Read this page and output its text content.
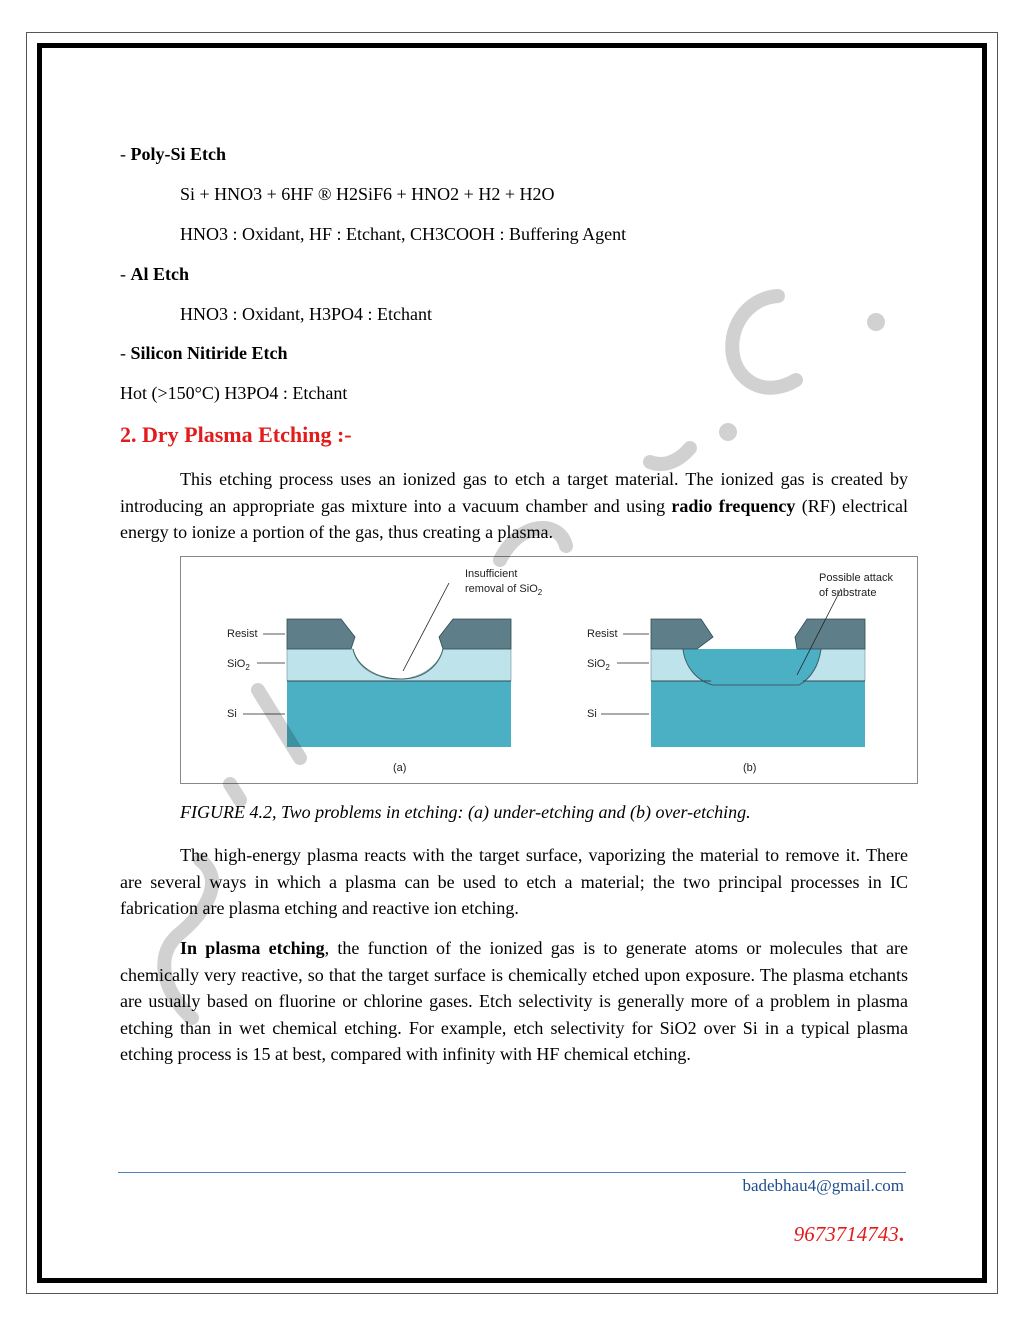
- Poly-Si Etch
Si + HNO3 + 6HF ® H2SiF6 + HNO2 + H2 + H2O
HNO3 : Oxidant, HF : Etchant, CH3COOH : Buffering Agent
- Al Etch
HNO3 : Oxidant, H3PO4 : Etchant
- Silicon Nitiride Etch
Hot (>150°C) H3PO4 : Etchant
2. Dry Plasma Etching :-

This etching process uses an ionized gas to etch a target material. The ionized gas is created by introducing an appropriate gas mixture into a vacuum chamber and using radio frequency (RF) electrical energy to ionize a portion of the gas, thus creating a plasma.

FIGURE 4.2, Two problems in etching: (a) under-etching and (b) over-etching.

The high-energy plasma reacts with the target surface, vaporizing the material to remove it. There are several ways in which a plasma can be used to etch a material; the two principal processes in IC fabrication are plasma etching and reactive ion etching.

In plasma etching, the function of the ionized gas is to generate atoms or molecules that are chemically very reactive, so that the target surface is chemically etched upon exposure. The plasma etchants are usually based on fluorine or chlorine gases. Etch selectivity is generally more of a problem in plasma etching than in wet chemical etching. For example, etch selectivity for SiO2 over Si in a typical plasma etching process is 15 at best, compared with infinity with HF chemical etching.

Insufficient
removal of SiO$_2$
Resist
SiO$_2$
Si
(a)
Possible attack
of substrate
Resist
SiO$_2$
Si
(b)
badebhau4@gmail.com
9673714743.
